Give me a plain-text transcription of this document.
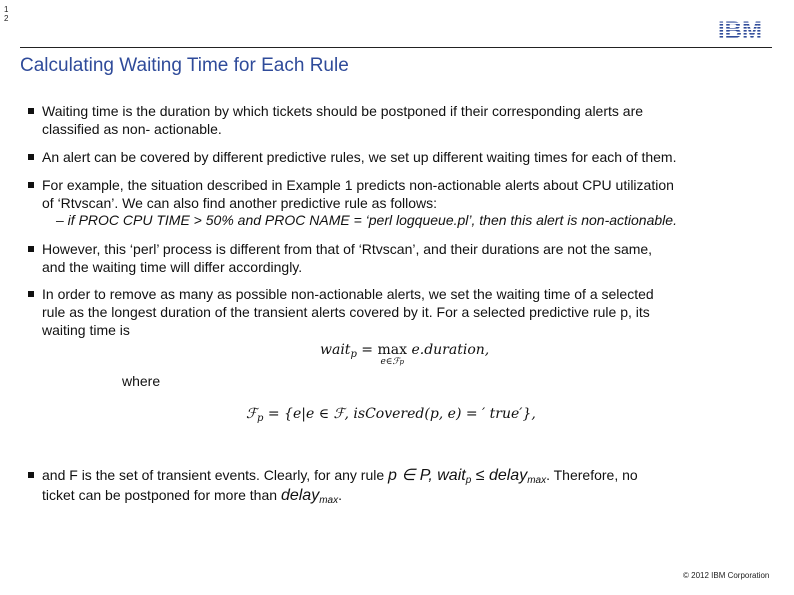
1
2	IBM
Calculating Waiting Time for Each Rule
Waiting time is the duration by which tickets should be postponed if their corresponding alerts are
classified as non- actionable.
An alert can be covered by different predictive rules, we set up different waiting times for each of them.
For example, the situation described in Example 1 predicts non-actionable alerts about CPU utilization
of ‘Rtvscan’. We can also find another predictive rule as follows:
– if PROC CPU TIME > 50% and PROC NAME = ‘perl logqueue.pl’, then this alert is non-actionable.
However, this ‘perl’ process is different from that of ‘Rtvscan’, and their durations are not the same,
and the waiting time will differ accordingly.
In order to remove as many as possible non-actionable alerts, we set the waiting time of a selected
rule as the longest duration of the transient alerts covered by it. For a selected predictive rule p, its
waiting time is
wait$_p$ = max
e∈ℱp
e.duration,
where
ℱ$_p$ = {e|e ∈ ℱ, isCovered(p, e) = ′ true′},
and F is the set of transient events. Clearly, for any rule p ∈ P, wait$_p$ ≤ delay$_{max}$. Therefore, no
ticket can be postponed for more than delay$_{max}$.
© 2012 IBM Corporation
